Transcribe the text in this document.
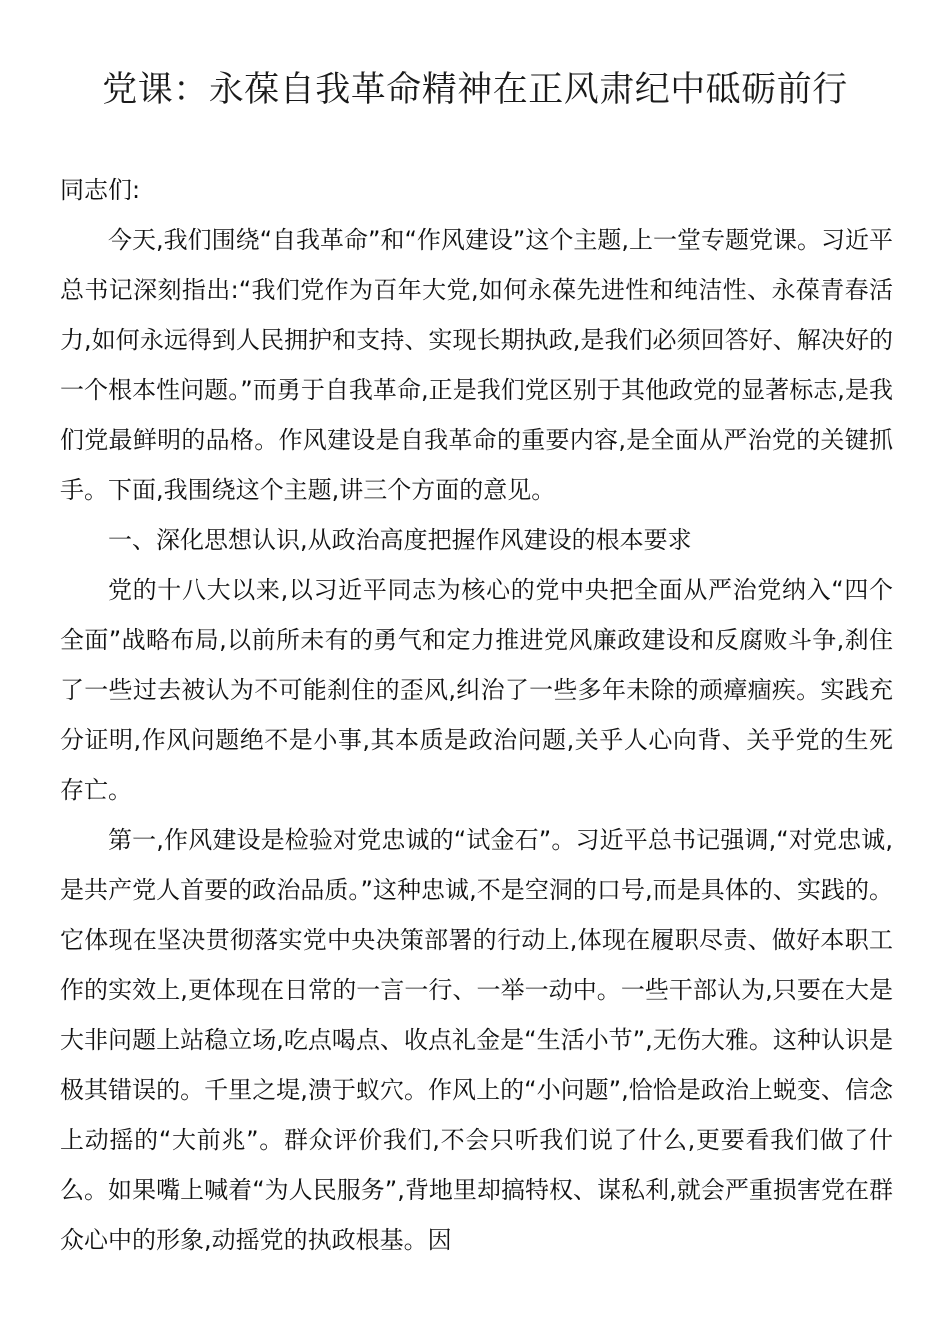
党课：永葆自我革命精神在正风肃纪中砥砺前行

同志们:

今天,我们围绕“自我革命”和“作风建设”这个主题,上一堂专题党课。习近平总书记深刻指出:“我们党作为百年大党,如何永葆先进性和纯洁性、永葆青春活力,如何永远得到人民拥护和支持、实现长期执政,是我们必须回答好、解决好的一个根本性问题。”而勇于自我革命,正是我们党区别于其他政党的显著标志,是我们党最鲜明的品格。作风建设是自我革命的重要内容,是全面从严治党的关键抓手。下面,我围绕这个主题,讲三个方面的意见。

一、深化思想认识,从政治高度把握作风建设的根本要求

党的十八大以来,以习近平同志为核心的党中央把全面从严治党纳入“四个全面”战略布局,以前所未有的勇气和定力推进党风廉政建设和反腐败斗争,刹住了一些过去被认为不可能刹住的歪风,纠治了一些多年未除的顽瘴痼疾。实践充分证明,作风问题绝不是小事,其本质是政治问题,关乎人心向背、关乎党的生死存亡。

第一,作风建设是检验对党忠诚的“试金石”。习近平总书记强调,“对党忠诚,是共产党人首要的政治品质。”这种忠诚,不是空洞的口号,而是具体的、实践的。它体现在坚决贯彻落实党中央决策部署的行动上,体现在履职尽责、做好本职工作的实效上,更体现在日常的一言一行、一举一动中。一些干部认为,只要在大是大非问题上站稳立场,吃点喝点、收点礼金是“生活小节”,无伤大雅。这种认识是极其错误的。千里之堤,溃于蚁穴。作风上的“小问题”,恰恰是政治上蜕变、信念上动摇的“大前兆”。群众评价我们,不会只听我们说了什么,更要看我们做了什么。如果嘴上喊着“为人民服务”,背地里却搞特权、谋私利,就会严重损害党在群众心中的形象,动摇党的执政根基。因
